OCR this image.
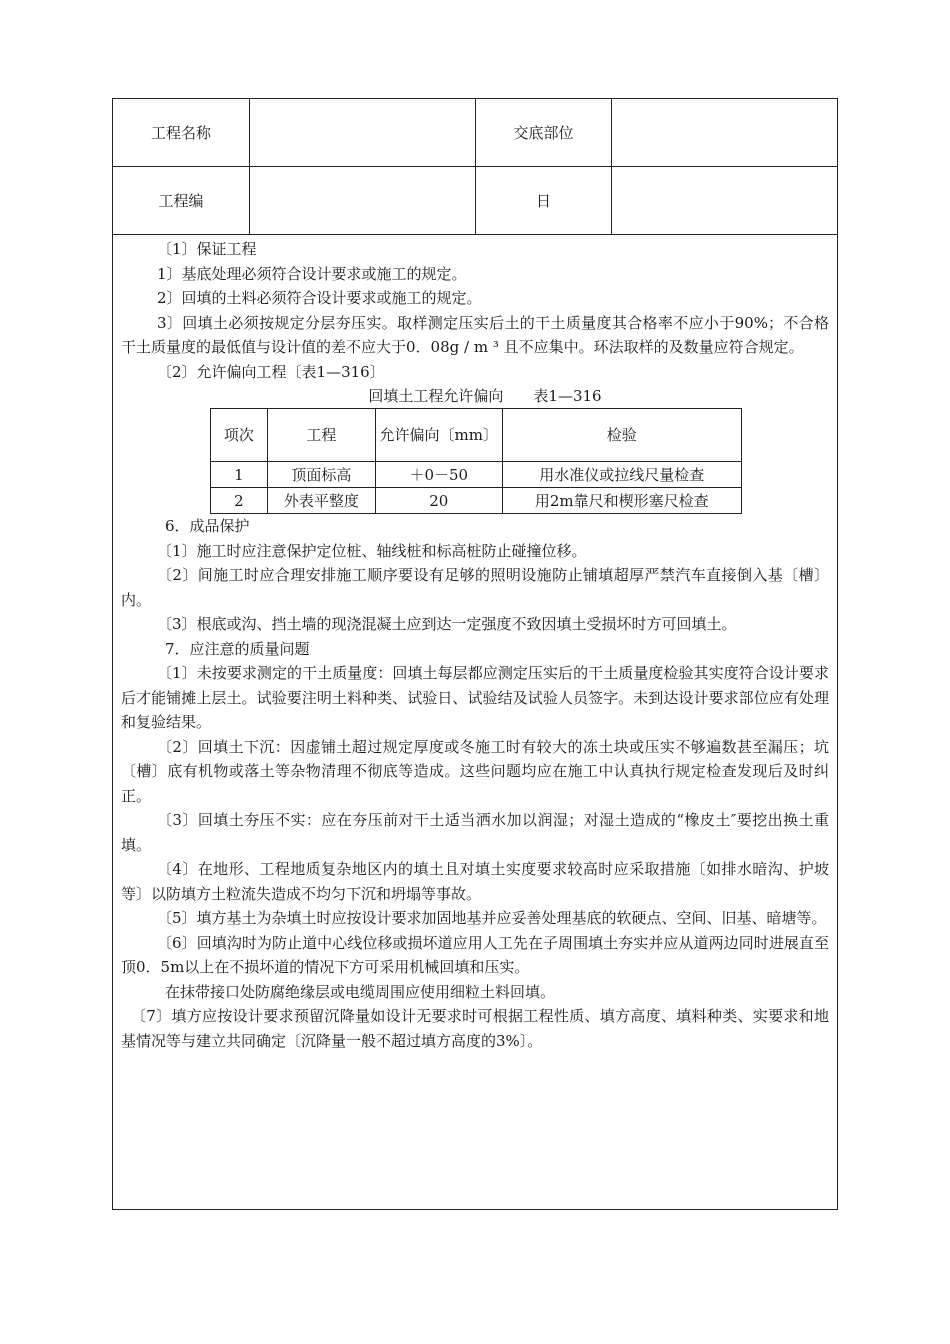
工程名称	交底部位
工程编	日

〔1〕保证工程

1〕基底处理必须符合设计要求或施工的规定。

2〕回填的土料必须符合设计要求或施工的规定。

3〕回填土必须按规定分层夯压实。取样测定压实后土的干土质量度其合格率不应小于90%；不合格干土质量度的最低值与设计值的差不应大于0．08g / m ³ 且不应集中。环法取样的及数量应符合规定。

〔2〕允许偏向工程〔表1—316〕

回填土工程允许偏向　　表1—316

项次	工程	允许偏向〔mm〕	检验
1	顶面标高	＋0－50	用水准仪或拉线尺量检查
2	外表平整度	20	用2m靠尺和楔形塞尺检查

6．成品保护

〔1〕施工时应注意保护定位桩、轴线桩和标高桩防止碰撞位移。

〔2〕间施工时应合理安排施工顺序要设有足够的照明设施防止铺填超厚严禁汽车直接倒入基〔槽〕内。

〔3〕根底或沟、挡土墙的现浇混凝土应到达一定强度不致因填土受损坏时方可回填土。

7．应注意的质量问题

〔1〕未按要求测定的干土质量度：回填土每层都应测定压实后的干土质量度检验其实度符合设计要求后才能铺摊上层土。试验要注明土料种类、试验日、试验结及试验人员签字。未到达设计要求部位应有处理和复验结果。

〔2〕回填土下沉：因虚铺土超过规定厚度或冬施工时有较大的冻土块或压实不够遍数甚至漏压；坑〔槽〕底有机物或落土等杂物清理不彻底等造成。这些问题均应在施工中认真执行规定检查发现后及时纠正。

〔3〕回填土夯压不实：应在夯压前对干土适当洒水加以润湿；对湿土造成的“橡皮土″要挖出换土重填。

〔4〕在地形、工程地质复杂地区内的填土且对填土实度要求较高时应采取措施〔如排水暗沟、护坡等〕以防填方土粒流失造成不均匀下沉和坍塌等事故。

〔5〕填方基土为杂填土时应按设计要求加固地基并应妥善处理基底的软硬点、空间、旧基、暗塘等。

〔6〕回填沟时为防止道中心线位移或损坏道应用人工先在子周围填土夯实并应从道两边同时进展直至顶0．5m以上在不损坏道的情况下方可采用机械回填和压实。

在抹带接口处防腐绝缘层或电缆周围应使用细粒土料回填。

〔7〕填方应按设计要求预留沉降量如设计无要求时可根据工程性质、填方高度、填料种类、实要求和地基情况等与建立共同确定〔沉降量一般不超过填方高度的3%〕。
